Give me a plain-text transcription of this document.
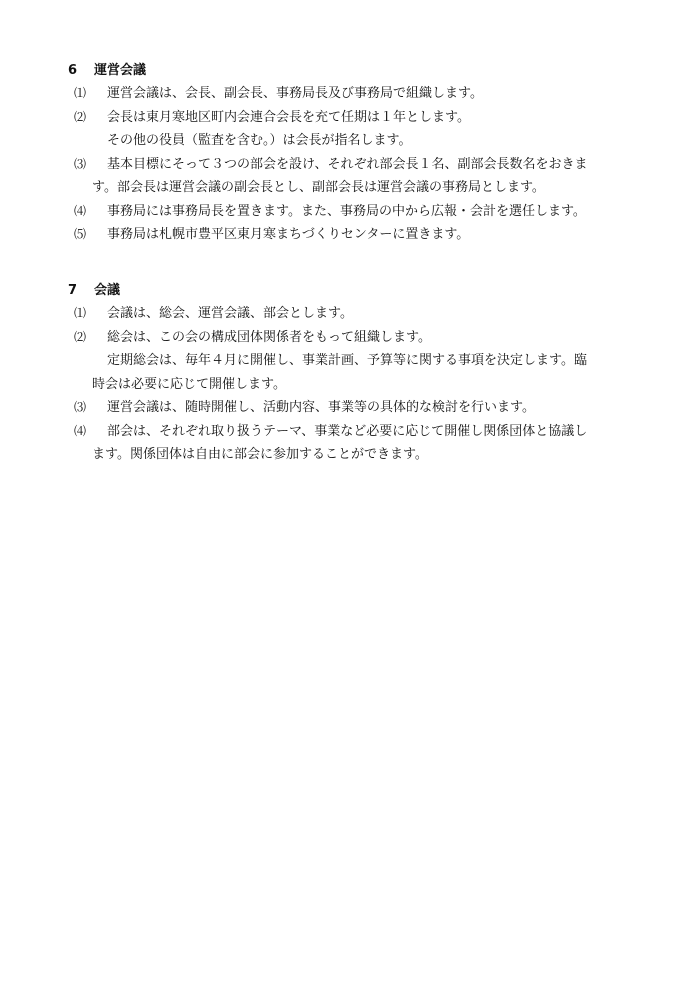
6 運営会議
⑴	運営会議は、会長、副会長、事務局長及び事務局で組織します。
⑵	会長は東月寒地区町内会連合会長を充て任期は１年とします。
その他の役員（監査を含む。）は会長が指名します。
⑶	基本目標にそって３つの部会を設け、それぞれ部会長１名、副部会長数名をおきま
す。部会長は運営会議の副会長とし、副部会長は運営会議の事務局とします。
⑷	事務局には事務局長を置きます。また、事務局の中から広報・会計を選任します。
⑸	事務局は札幌市豊平区東月寒まちづくりセンターに置きます。
7 会議
⑴	会議は、総会、運営会議、部会とします。
⑵	総会は、この会の構成団体関係者をもって組織します。
定期総会は、毎年４月に開催し、事業計画、予算等に関する事項を決定します。臨
時会は必要に応じて開催します。
⑶	運営会議は、随時開催し、活動内容、事業等の具体的な検討を行います。
⑷	部会は、それぞれ取り扱うテーマ、事業など必要に応じて開催し関係団体と協議し
ます。関係団体は自由に部会に参加することができます。
